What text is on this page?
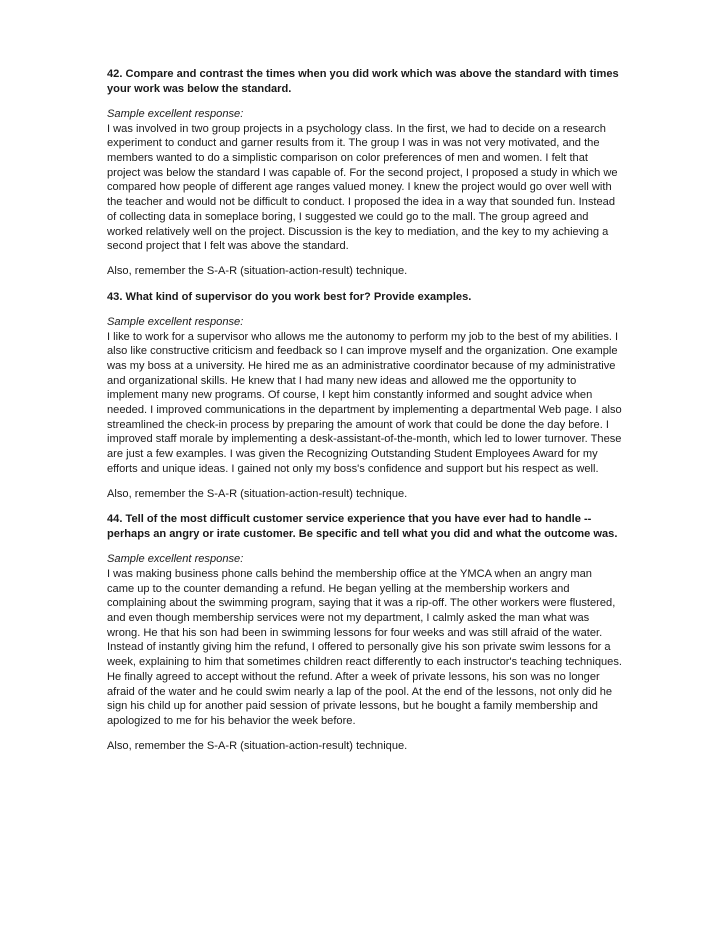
42. Compare and contrast the times when you did work which was above the standard with times your work was below the standard.

Sample excellent response:
I was involved in two group projects in a psychology class. In the first, we had to decide on a research experiment to conduct and garner results from it. The group I was in was not very motivated, and the members wanted to do a simplistic comparison on color preferences of men and women. I felt that project was below the standard I was capable of. For the second project, I proposed a study in which we compared how people of different age ranges valued money. I knew the project would go over well with the teacher and would not be difficult to conduct. I proposed the idea in a way that sounded fun. Instead of collecting data in someplace boring, I suggested we could go to the mall. The group agreed and worked relatively well on the project. Discussion is the key to mediation, and the key to my achieving a second project that I felt was above the standard.

Also, remember the S-A-R (situation-action-result) technique.

43. What kind of supervisor do you work best for? Provide examples.

Sample excellent response:
I like to work for a supervisor who allows me the autonomy to perform my job to the best of my abilities. I also like constructive criticism and feedback so I can improve myself and the organization. One example was my boss at a university. He hired me as an administrative coordinator because of my administrative and organizational skills. He knew that I had many new ideas and allowed me the opportunity to implement many new programs. Of course, I kept him constantly informed and sought advice when needed. I improved communications in the department by implementing a departmental Web page. I also streamlined the check-in process by preparing the amount of work that could be done the day before. I improved staff morale by implementing a desk-assistant-of-the-month, which led to lower turnover. These are just a few examples. I was given the Recognizing Outstanding Student Employees Award for my efforts and unique ideas. I gained not only my boss's confidence and support but his respect as well.

Also, remember the S-A-R (situation-action-result) technique.

44. Tell of the most difficult customer service experience that you have ever had to handle -- perhaps an angry or irate customer. Be specific and tell what you did and what the outcome was.

Sample excellent response:
I was making business phone calls behind the membership office at the YMCA when an angry man came up to the counter demanding a refund. He began yelling at the membership workers and complaining about the swimming program, saying that it was a rip-off. The other workers were flustered, and even though membership services were not my department, I calmly asked the man what was wrong. He that his son had been in swimming lessons for four weeks and was still afraid of the water. Instead of instantly giving him the refund, I offered to personally give his son private swim lessons for a week, explaining to him that sometimes children react differently to each instructor's teaching techniques. He finally agreed to accept without the refund. After a week of private lessons, his son was no longer afraid of the water and he could swim nearly a lap of the pool. At the end of the lessons, not only did he sign his child up for another paid session of private lessons, but he bought a family membership and apologized to me for his behavior the week before.

Also, remember the S-A-R (situation-action-result) technique.
